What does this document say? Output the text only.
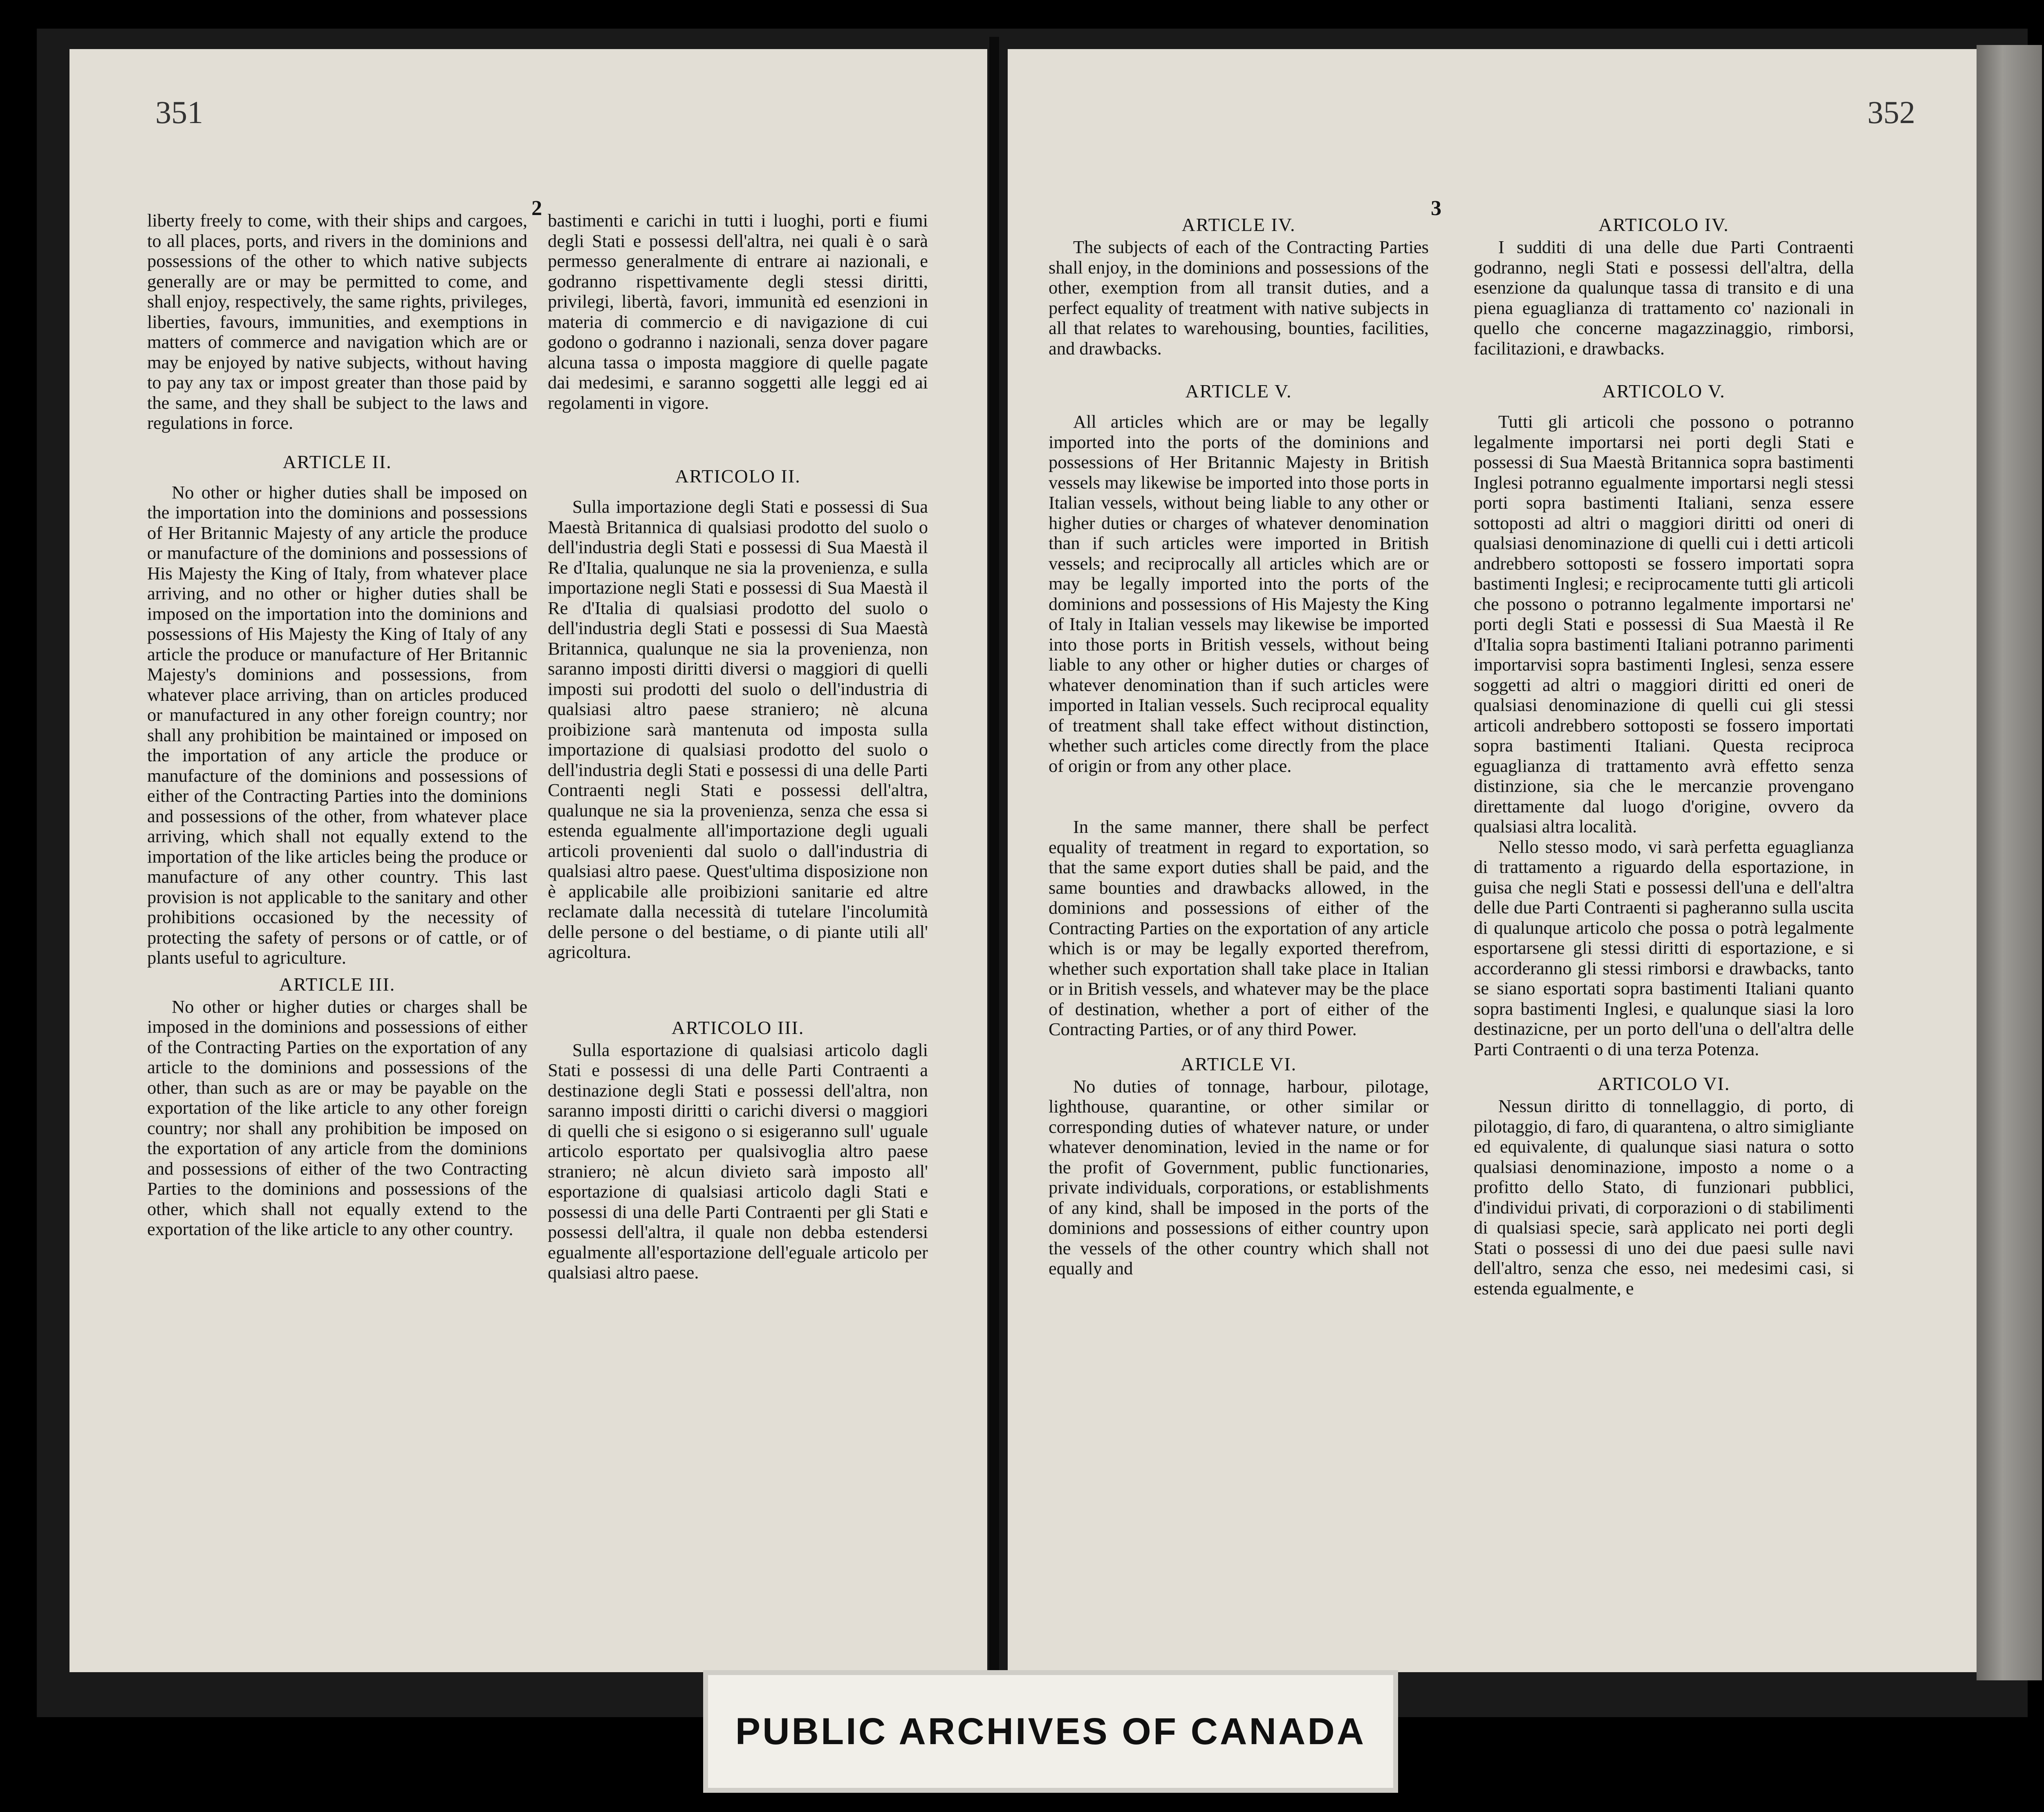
351
2

liberty freely to come, with their ships and cargoes, to all places, ports, and rivers in the dominions and possessions of the other to which native subjects generally are or may be permitted to come, and shall enjoy, respectively, the same rights, privileges, liberties, favours, immunities, and exemptions in matters of commerce and navigation which are or may be enjoyed by native subjects, without having to pay any tax or impost greater than those paid by the same, and they shall be subject to the laws and regulations in force.

ARTICLE II.

No other or higher duties shall be imposed on the importation into the dominions and possessions of Her Britannic Majesty of any article the produce or manufacture of the dominions and possessions of His Majesty the King of Italy, from whatever place arriving, and no other or higher duties shall be imposed on the importation into the dominions and possessions of His Majesty the King of Italy of any article the produce or manufacture of Her Britannic Majesty's dominions and possessions, from whatever place arriving, than on articles produced or manufactured in any other foreign country; nor shall any prohibition be maintained or imposed on the importation of any article the produce or manufacture of the dominions and possessions of either of the Contracting Parties into the dominions and possessions of the other, from whatever place arriving, which shall not equally extend to the importation of the like articles being the produce or manufacture of any other country. This last provision is not applicable to the sanitary and other prohibitions occasioned by the necessity of protecting the safety of persons or of cattle, or of plants useful to agriculture.

ARTICLE III.

No other or higher duties or charges shall be imposed in the dominions and possessions of either of the Contracting Parties on the exportation of any article to the dominions and possessions of the other, than such as are or may be payable on the exportation of the like article to any other foreign country; nor shall any prohibition be imposed on the exportation of any article from the dominions and possessions of either of the two Contracting Parties to the dominions and possessions of the other, which shall not equally extend to the exportation of the like article to any other country.

bastimenti e carichi in tutti i luoghi, porti e fiumi degli Stati e possessi dell'altra, nei quali è o sarà permesso generalmente di entrare ai nazionali, e godranno rispettivamente degli stessi diritti, privilegi, libertà, favori, immunità ed esenzioni in materia di commercio e di navigazione di cui godono o godranno i nazionali, senza dover pagare alcuna tassa o imposta maggiore di quelle pagate dai medesimi, e saranno soggetti alle leggi ed ai regolamenti in vigore.

ARTICOLO II.

Sulla importazione degli Stati e possessi di Sua Maestà Britannica di qualsiasi prodotto del suolo o dell'industria degli Stati e possessi di Sua Maestà il Re d'Italia, qualunque ne sia la provenienza, e sulla importazione negli Stati e possessi di Sua Maestà il Re d'Italia di qualsiasi prodotto del suolo o dell'industria degli Stati e possessi di Sua Maestà Britannica, qualunque ne sia la provenienza, non saranno imposti diritti diversi o maggiori di quelli imposti sui prodotti del suolo o dell'industria di qualsiasi altro paese straniero; nè alcuna proibizione sarà mantenuta od imposta sulla importazione di qualsiasi prodotto del suolo o dell'industria degli Stati e possessi di una delle Parti Contraenti negli Stati e possessi dell'altra, qualunque ne sia la provenienza, senza che essa si estenda egualmente all'importazione degli uguali articoli provenienti dal suolo o dall'industria di qualsiasi altro paese. Quest'ultima disposizione non è applicabile alle proibizioni sanitarie ed altre reclamate dalla necessità di tutelare l'incolumità delle persone o del bestiame, o di piante utili all' agricoltura.

ARTICOLO III.

Sulla esportazione di qualsiasi articolo dagli Stati e possessi di una delle Parti Contraenti a destinazione degli Stati e possessi dell'altra, non saranno imposti diritti o carichi diversi o maggiori di quelli che si esigono o si esigeranno sull' uguale articolo esportato per qualsivoglia altro paese straniero; nè alcun divieto sarà imposto all' esportazione di qualsiasi articolo dagli Stati e possessi di una delle Parti Contraenti per gli Stati e possessi dell'altra, il quale non debba estendersi egualmente all'esportazione dell'eguale articolo per qualsiasi altro paese.

352
3
ARTICLE IV.

The subjects of each of the Contracting Parties shall enjoy, in the dominions and possessions of the other, exemption from all transit duties, and a perfect equality of treatment with native subjects in all that relates to warehousing, bounties, facilities, and drawbacks.

ARTICLE V.

All articles which are or may be legally imported into the ports of the dominions and possessions of Her Britannic Majesty in British vessels may likewise be imported into those ports in Italian vessels, without being liable to any other or higher duties or charges of whatever denomination than if such articles were imported in British vessels; and reciprocally all articles which are or may be legally imported into the ports of the dominions and possessions of His Majesty the King of Italy in Italian vessels may likewise be imported into those ports in British vessels, without being liable to any other or higher duties or charges of whatever denomination than if such articles were imported in Italian vessels. Such reciprocal equality of treatment shall take effect without distinction, whether such articles come directly from the place of origin or from any other place.

In the same manner, there shall be perfect equality of treatment in regard to exportation, so that the same export duties shall be paid, and the same bounties and drawbacks allowed, in the dominions and possessions of either of the Contracting Parties on the exportation of any article which is or may be legally exported therefrom, whether such exportation shall take place in Italian or in British vessels, and whatever may be the place of destination, whether a port of either of the Contracting Parties, or of any third Power.

ARTICLE VI.

No duties of tonnage, harbour, pilotage, lighthouse, quarantine, or other similar or corresponding duties of whatever nature, or under whatever denomination, levied in the name or for the profit of Government, public functionaries, private individuals, corporations, or establishments of any kind, shall be imposed in the ports of the dominions and possessions of either country upon the vessels of the other country which shall not equally and

ARTICOLO IV.

I sudditi di una delle due Parti Contraenti godranno, negli Stati e possessi dell'altra, della esenzione da qualunque tassa di transito e di una piena eguaglianza di trattamento co' nazionali in quello che concerne magazzinaggio, rimborsi, facilitazioni, e drawbacks.

ARTICOLO V.

Tutti gli articoli che possono o potranno legalmente importarsi nei porti degli Stati e possessi di Sua Maestà Britannica sopra bastimenti Inglesi potranno egualmente importarsi negli stessi porti sopra bastimenti Italiani, senza essere sottoposti ad altri o maggiori diritti od oneri di qualsiasi denominazione di quelli cui i detti articoli andrebbero sottoposti se fossero importati sopra bastimenti Inglesi; e reciprocamente tutti gli articoli che possono o potranno legalmente importarsi ne' porti degli Stati e possessi di Sua Maestà il Re d'Italia sopra bastimenti Italiani potranno parimenti importarvisi sopra bastimenti Inglesi, senza essere soggetti ad altri o maggiori diritti ed oneri de qualsiasi denominazione di quelli cui gli stessi articoli andrebbero sottoposti se fossero importati sopra bastimenti Italiani. Questa reciproca eguaglianza di trattamento avrà effetto senza distinzione, sia che le mercanzie provengano direttamente dal luogo d'origine, ovvero da qualsiasi altra località.

Nello stesso modo, vi sarà perfetta eguaglianza di trattamento a riguardo della esportazione, in guisa che negli Stati e possessi dell'una e dell'altra delle due Parti Contraenti si pagheranno sulla uscita di qualunque articolo che possa o potrà legalmente esportarsene gli stessi diritti di esportazione, e si accorderanno gli stessi rimborsi e drawbacks, tanto se siano esportati sopra bastimenti Italiani quanto sopra bastimenti Inglesi, e qualunque siasi la loro destinazicne, per un porto dell'una o dell'altra delle Parti Contraenti o di una terza Potenza.

ARTICOLO VI.

Nessun diritto di tonnellaggio, di porto, di pilotaggio, di faro, di quarantena, o altro simigliante ed equivalente, di qualunque siasi natura o sotto qualsiasi denominazione, imposto a nome o a profitto dello Stato, di funzionari pubblici, d'individui privati, di corporazioni o di stabilimenti di qualsiasi specie, sarà applicato nei porti degli Stati o possessi di uno dei due paesi sulle navi dell'altro, senza che esso, nei medesimi casi, si estenda egualmente, e

PUBLIC ARCHIVES OF CANADA
